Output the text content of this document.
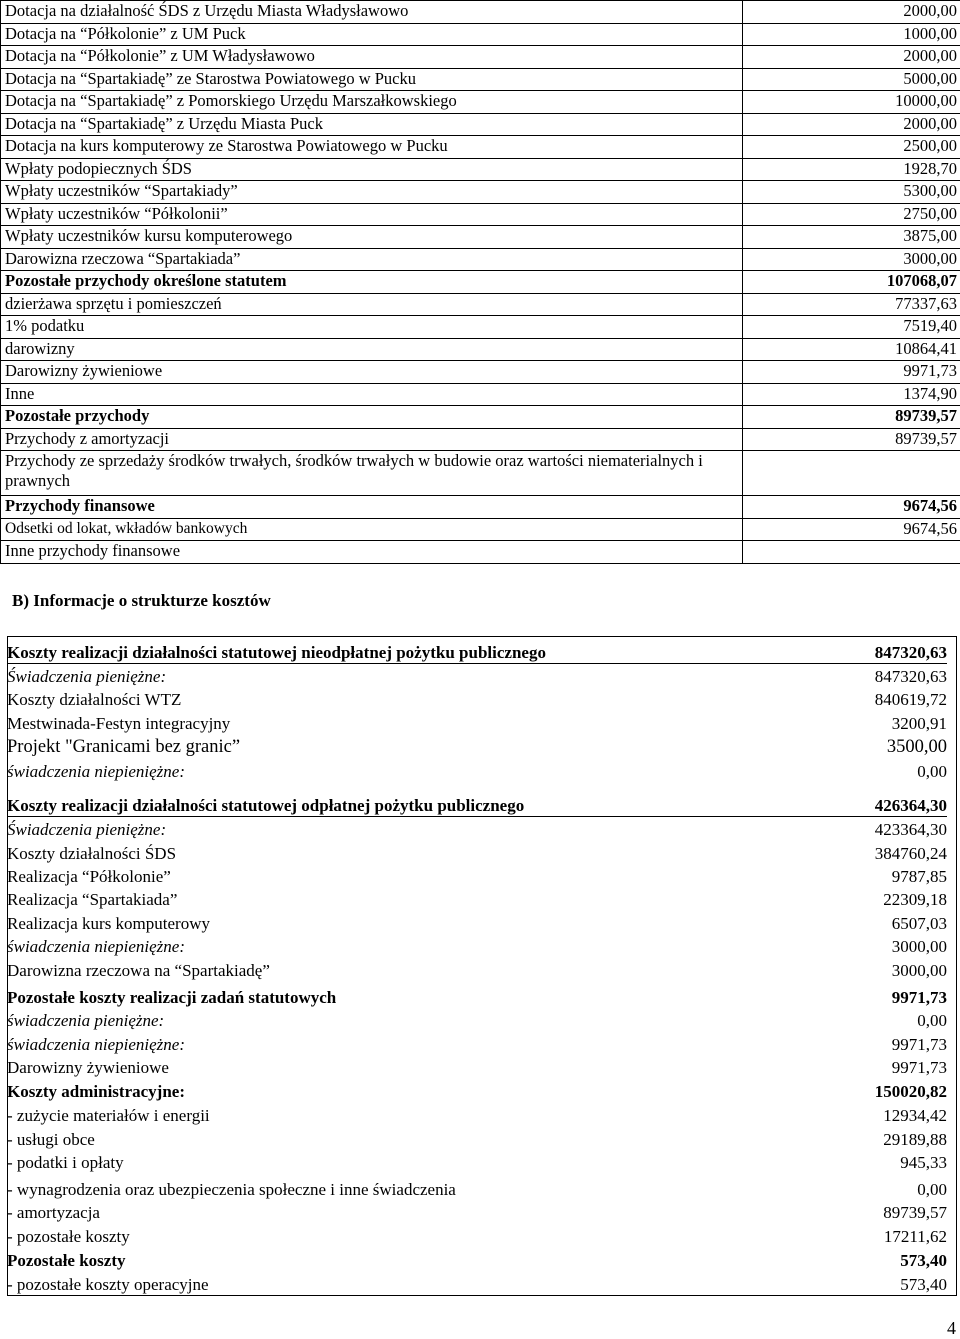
Dotacja na działalność ŚDS z Urzędu Miasta Władysławowo	2000,00
Dotacja na “Półkolonie” z UM Puck	1000,00
Dotacja na “Półkolonie” z UM Władysławowo	2000,00
Dotacja na “Spartakiadę” ze Starostwa Powiatowego w Pucku	5000,00
Dotacja na “Spartakiadę” z Pomorskiego Urzędu Marszałkowskiego	10000,00
Dotacja na “Spartakiadę” z Urzędu Miasta Puck	2000,00
Dotacja na kurs komputerowy ze Starostwa Powiatowego w Pucku	2500,00
Wpłaty podopiecznych ŚDS	1928,70
Wpłaty uczestników “Spartakiady”	5300,00
Wpłaty uczestników “Półkolonii”	2750,00
Wpłaty uczestników kursu komputerowego	3875,00
Darowizna rzeczowa “Spartakiada”	3000,00
Pozostałe przychody określone statutem	107068,07
dzierżawa sprzętu i pomieszczeń	77337,63
1% podatku	7519,40
darowizny	10864,41
Darowizny żywieniowe	9971,73
Inne	1374,90
Pozostałe przychody	89739,57
Przychody z amortyzacji	89739,57
Przychody ze sprzedaży środków trwałych, środków trwałych w budowie oraz wartości niematerialnych i prawnych	
Przychody finansowe	9674,56
Odsetki od lokat, wkładów bankowych	9674,56
Inne przychody finansowe	
B) Informacje o strukturze kosztów
Koszty realizacji działalności statutowej nieodpłatnej pożytku publicznego	847320,63
Świadczenia pieniężne:	847320,63
Koszty działalności WTZ	840619,72
Mestwinada-Festyn integracyjny	3200,91
Projekt "Granicami bez granic”	3500,00
świadczenia niepieniężne:	0,00
Koszty realizacji działalności statutowej odpłatnej pożytku publicznego	426364,30
Świadczenia pieniężne:	423364,30
Koszty działalności ŚDS	384760,24
Realizacja “Półkolonie”	9787,85
Realizacja “Spartakiada”	22309,18
Realizacja kurs komputerowy	6507,03
świadczenia niepieniężne:	3000,00
Darowizna rzeczowa na “Spartakiadę”	3000,00
Pozostałe koszty realizacji zadań statutowych	9971,73
świadczenia pieniężne:	0,00
świadczenia niepieniężne:	9971,73
Darowizny żywieniowe	9971,73
Koszty administracyjne:	150020,82
- zużycie materiałów i energii	12934,42
- usługi obce	29189,88
- podatki i opłaty	945,33
- wynagrodzenia oraz ubezpieczenia społeczne i inne świadczenia	0,00
- amortyzacja	89739,57
- pozostałe koszty	17211,62
Pozostałe koszty	573,40
- pozostałe koszty operacyjne	573,40
4
